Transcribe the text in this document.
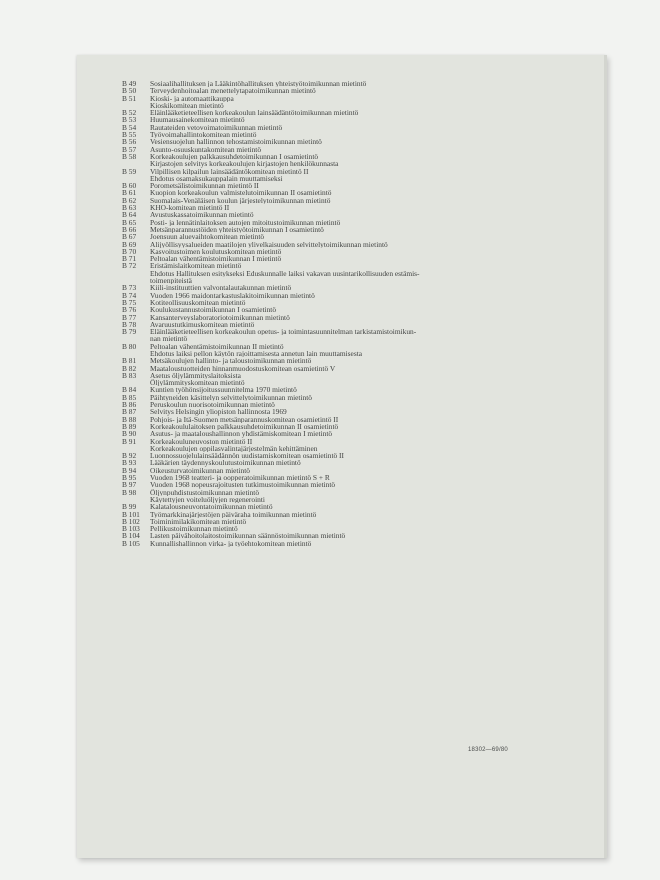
B 49	Sosiaalihallituksen ja Lääkintöhallituksen yhteistyötoimikunnan mietintö
B 50	Terveydenhoitoalan menettelytapatoimikunnan mietintö
B 51	Kioski- ja automaattikauppa
Kioskikomitean mietintö
B 52	Eläinlääketieteellisen korkeakoulun lainsäädäntötoimikunnan mietintö
B 53	Huumausainekomitean mietintö
B 54	Rautateiden vetovoimatoimikunnan mietintö
B 55	Työvoimahallintokomitean mietintö
B 56	Vesiensuojelun hallinnon tehostamistoimikunnan mietintö
B 57	Asunto-osuuskuntakomitean mietintö
B 58	Korkeakoulujen palkkausuhdetoimikunnan I osamietintö
Kirjastojen selvitys korkeakoulujen kirjastojen henkilökunnasta
B 59	Vilpillisen kilpailun lainsäädäntökomitean mietintö II
Ehdotus osamaksukauppalain muuttamiseksi
B 60	Porometsälistoimikunnan mietintö II
B 61	Kuopion korkeakoulun valmistelutoimikunnan II osamietintö
B 62	Suomalais-Venäläisen koulun järjestelytoimikunnan mietintö
B 63	KHO-komitean mietintö II
B 64	Avustuskassatoimikunnan mietintö
B 65	Posti- ja lennätinlaitoksen autojen mitoitustoimikunnan mietintö
B 66	Metsänparannustöiden yhteistyötoimikunnan I osamietintö
B 67	Joensuun aluevaihtokomitean mietintö
B 69	Alijyöllisyysalueiden maatilojen ylivelkaisuuden selvittelytoimikunnan mietintö
B 70	Kasvoitustoimen koulutuskomitean mietintö
B 71	Peltoalan vähentämistoimikunnan I mietintö
B 72	Eristämislaitkomitean mietintö
Ehdotus Hallituksen esitykseksi Eduskunnalle laiksi vakavan uusintarikollisuuden estämis-
toimenpiteistä
B 73	Kiili-instituuttien valvontalautakunnan mietintö
B 74	Vuoden 1966 maidontarkastuslakitoimikunnan mietintö
B 75	Kotiteollisuuskomitean mietintö
B 76	Koulukustannustoimikunnan I osamietintö
B 77	Kansanterveyslaboratoriotoimikunnan mietintö
B 78	Avaruustutkimuskomitean mietintö
B 79	Eläinlääketieteellisen korkeakoulun opetus- ja toimintasuunnitelman tarkistamistoimikun-
nan mietintö
B 80	Peltoalan vähentämistoimikunnan II mietintö
Ehdotus laiksi pellon käytön rajoittamisesta annetun lain muuttamisesta
B 81	Metsäkoulujen hallinto- ja taloustoimikunnan mietintö
B 82	Maataloustuotteiden hinnanmuodostuskomitean osamietintö V
B 83	Asetus öljylämmityslaitoksista
Öljylämmityskomitean mietintö
B 84	Kuntien työhönsijoitussuunnitelma 1970 mietintö
B 85	Päihtyneiden käsittelyn selvittelytoimikunnan mietintö
B 86	Peruskoulun nuorisotoimikunnan mietintö
B 87	Selvitys Helsingin yliopiston hallinnosta 1969
B 88	Pohjois- ja Itä-Suomen metsänparannuskomitean osamietintö II
B 89	Korkeakoululaitoksen palkkausuhdetoimikunnan II osamietintö
B 90	Asutus- ja maataloushallinnon yhdistämiskomitean I mietintö
B 91	Korkeakouluneuvoston mietintö II
Korkeakoulujen oppilasvalintajärjestelmän kehittäminen
B 92	Luonnossuojelulainsäädännön uudistamiskomitean osamietintö II
B 93	Lääkärien täydennyskoulutustoimikunnan mietintö
B 94	Oikeusturvatoimikunnan mietintö
B 95	Vuoden 1968 teatteri- ja oopperatoimikunnan mietintö S + R
B 97	Vuoden 1968 nopeusrajoitusten tutkimustoimikunnan mietintö
B 98	Öljynpuhdistustoimikunnan mietintö
Käytettyjen voiteluöljyjen regenerointi
B 99	Kalatalousneuvontatoimikunnan mietintö
B 101	Työmarkkinajärjestöjen päiväraha toimikunnan mietintö
B 102	Toiminimilakikomitean mietintö
B 103	Pellikustoimikunnan mietintö
B 104	Lasten päivähoitolaitostoimikunnan säännöstoimikunnan mietintö
B 105	Kunnallishallinnon virka- ja työehtokomitean mietintö
18302—69/80
